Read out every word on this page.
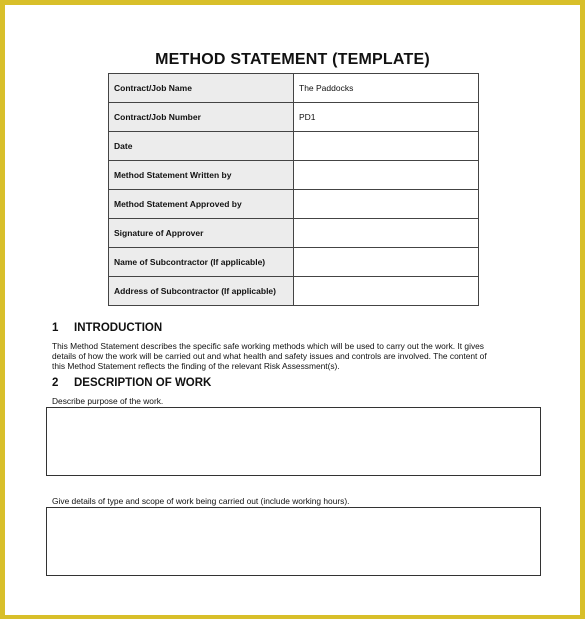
METHOD STATEMENT (TEMPLATE)
Contract/Job Name	The Paddocks
Contract/Job Number	PD1
Date	
Method Statement Written by	
Method Statement Approved by	
Signature of Approver	
Name of Subcontractor (If applicable)	
Address of Subcontractor (If applicable)	
1 INTRODUCTION
This Method Statement describes the specific safe working methods which will be used to carry out the work. It gives
details of how the work will be carried out and what health and safety issues and controls are involved. The content of
this Method Statement reflects the finding of the relevant Risk Assessment(s).
2 DESCRIPTION OF WORK
Describe purpose of the work.
Give details of type and scope of work being carried out (include working hours).
